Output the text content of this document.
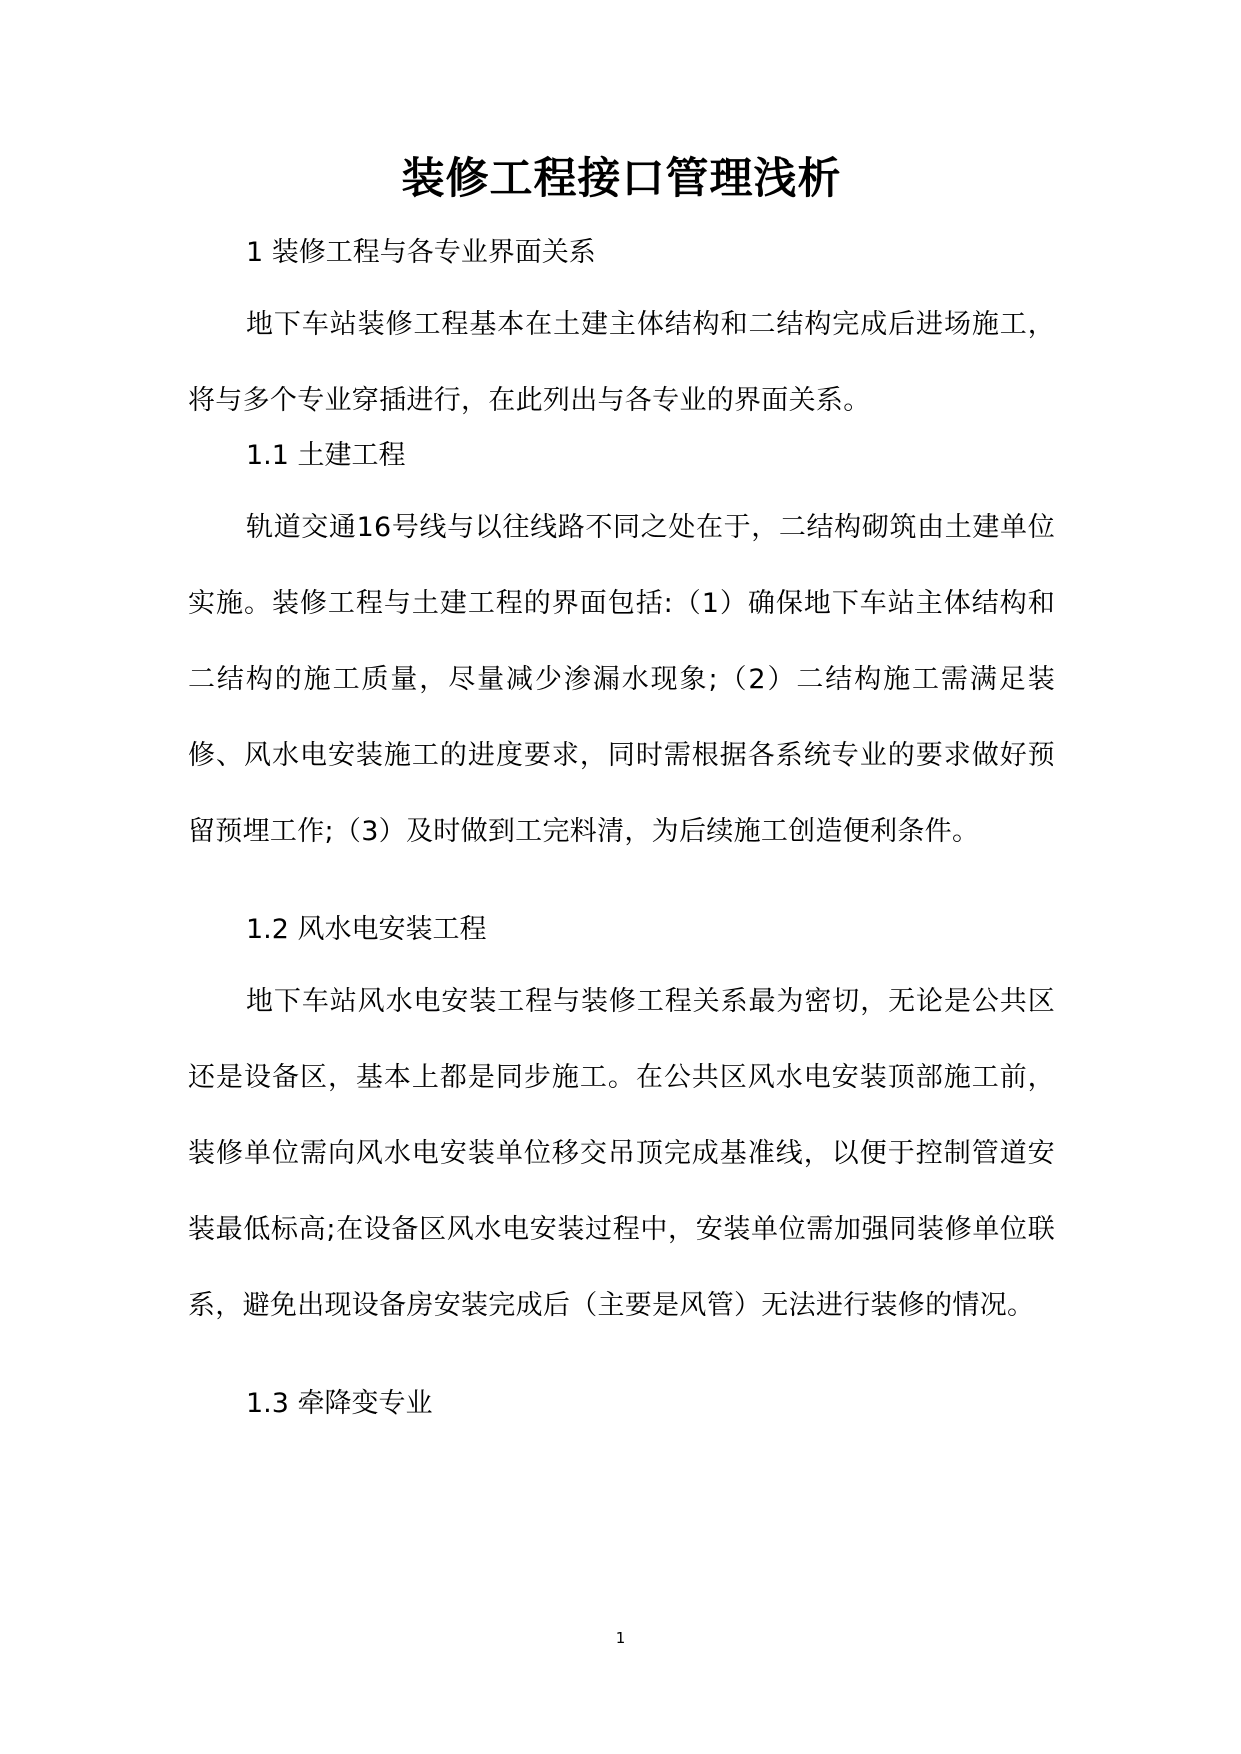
装修工程接口管理浅析

1 装修工程与各专业界面关系

地下车站装修工程基本在土建主体结构和二结构完成后进场施工，将与多个专业穿插进行，在此列出与各专业的界面关系。

1.1 土建工程

轨道交通16号线与以往线路不同之处在于，二结构砌筑由土建单位实施。装修工程与土建工程的界面包括:（1）确保地下车站主体结构和二结构的施工质量，尽量减少渗漏水现象;（2）二结构施工需满足装修、风水电安装施工的进度要求，同时需根据各系统专业的要求做好预留预埋工作;（3）及时做到工完料清，为后续施工创造便利条件。

1.2 风水电安装工程

地下车站风水电安装工程与装修工程关系最为密切，无论是公共区还是设备区，基本上都是同步施工。在公共区风水电安装顶部施工前，装修单位需向风水电安装单位移交吊顶完成基准线，以便于控制管道安装最低标高;在设备区风水电安装过程中，安装单位需加强同装修单位联系，避免出现设备房安装完成后（主要是风管）无法进行装修的情况。

1.3 牵降变专业

1
